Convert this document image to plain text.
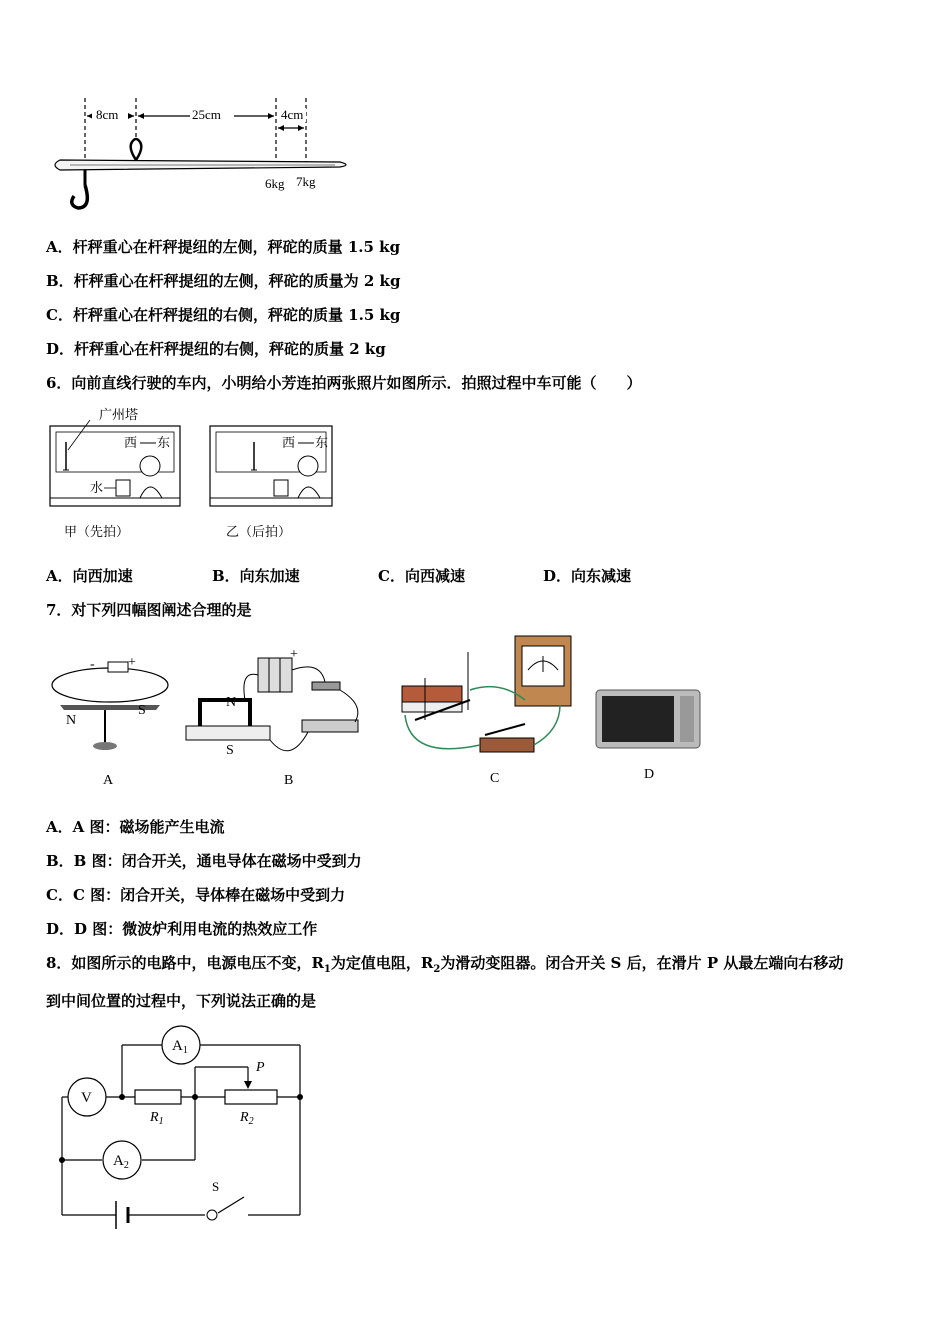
8cm	25cm	4cm
6kg 7kg
A．杆秤重心在杆秤提纽的左侧，秤砣的质量 1.5 kg
B．杆秤重心在杆秤提纽的左侧，秤砣的质量为 2 kg
C．杆秤重心在杆秤提纽的右侧，秤砣的质量 1.5 kg
D．杆秤重心在杆秤提纽的右侧，秤砣的质量 2 kg
6．向前直线行驶的车内，小明给小芳连拍两张照片如图所示．拍照过程中车可能（　　）
广州塔
西 东
水
甲（先拍）
西 东
乙（后拍）
A．向西加速	B．向东加速	C．向西减速	D．向东减速
7．对下列四幅图阐述合理的是
- +
N
S
A
+
N
S
B	C	D
A．A 图：磁场能产生电流
B．B 图：闭合开关，通电导体在磁场中受到力
C．C 图：闭合开关，导体棒在磁场中受到力
D．D 图：微波炉利用电流的热效应工作
8．如图所示的电路中，电源电压不变，$R_1$为定值电阻，$R_2$为滑动变阻器。闭合开关 S 后，在滑片 P 从最左端向右移动
到中间位置的过程中，下列说法正确的是
$A_1$
V
$A_2$
$R_1$	$R_2$
P
S
